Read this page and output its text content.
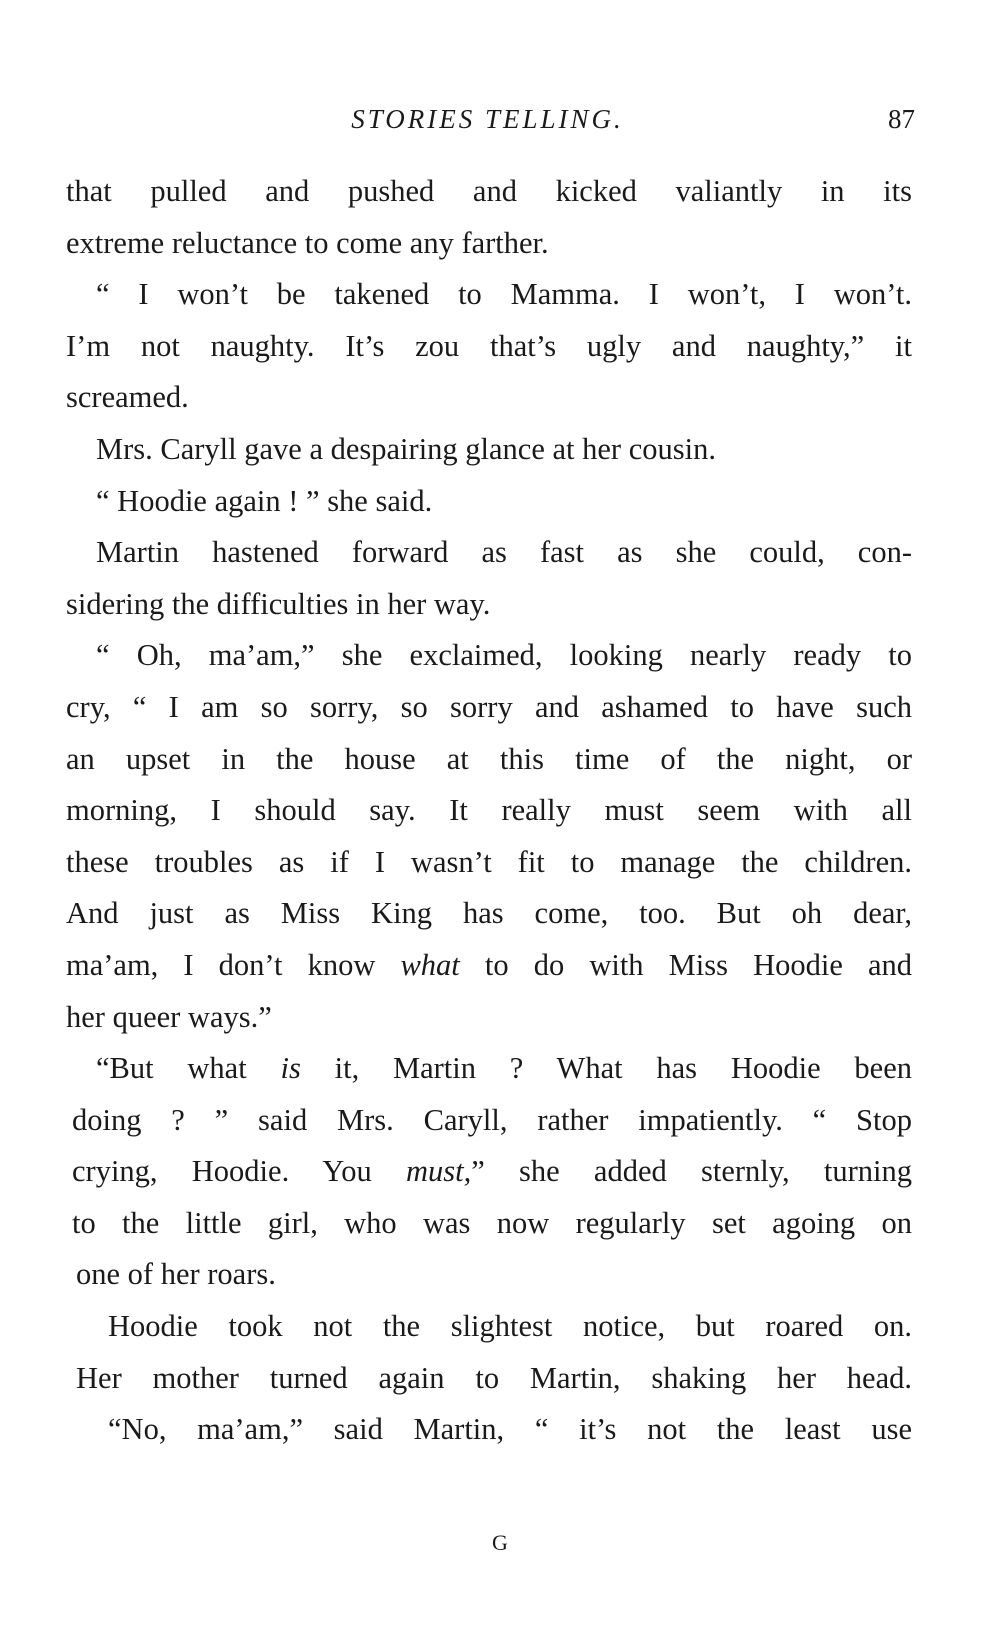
STORIES TELLING.	87
that pulled and pushed and kicked valiantly in its
extreme reluctance to come any farther.
“ I won’t be takened to Mamma. I won’t, I won’t.
I’m not naughty. It’s zou that’s ugly and naughty,” it
screamed.
Mrs. Caryll gave a despairing glance at her cousin.
“ Hoodie again ! ” she said.
Martin hastened forward as fast as she could, con-
sidering the difficulties in her way.
“ Oh, ma’am,” she exclaimed, looking nearly ready to
cry, “ I am so sorry, so sorry and ashamed to have such
an upset in the house at this time of the night, or
morning, I should say. It really must seem with all
these troubles as if I wasn’t fit to manage the children.
And just as Miss King has come, too. But oh dear,
ma’am, I don’t know what to do with Miss Hoodie and
her queer ways.”
“But what is it, Martin ? What has Hoodie been
doing ? ” said Mrs. Caryll, rather impatiently. “ Stop
crying, Hoodie. You must,” she added sternly, turning
to the little girl, who was now regularly set agoing on
one of her roars.
Hoodie took not the slightest notice, but roared on.
Her mother turned again to Martin, shaking her head.
“No, ma’am,” said Martin, “ it’s not the least use
G
